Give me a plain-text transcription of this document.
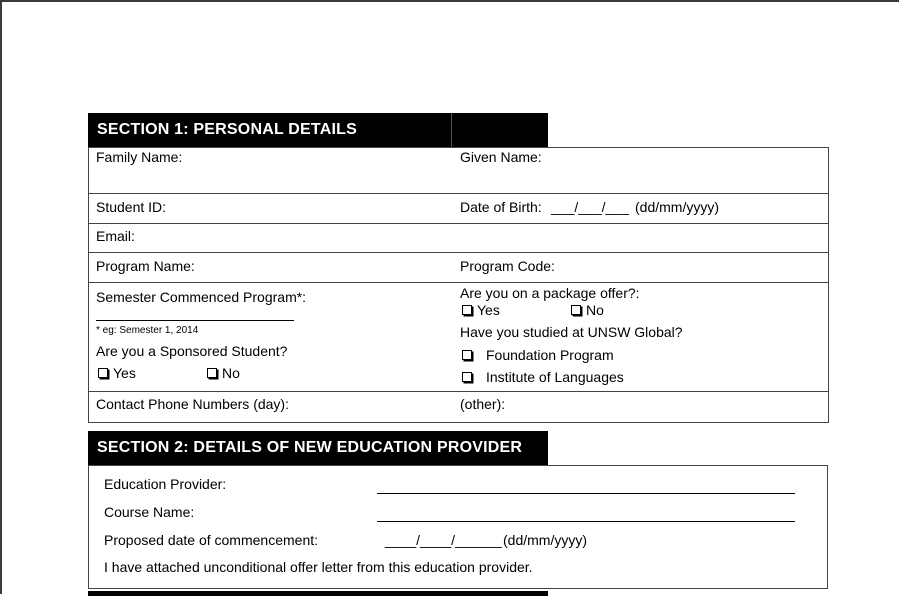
SECTION 1: PERSONAL DETAILS
Family Name:	Given Name:
Student ID:	Date of Birth: ___/___/___ (dd/mm/yyyy)
Email:
Program Name:	Program Code:
Semester Commenced Program*:
* eg: Semester 1, 2014
Are you a Sponsored Student?
Yes	No
Are you on a package offer?:
Yes	No
Have you studied at UNSW Global?
Foundation Program
Institute of Languages
Contact Phone Numbers (day):	(other):
SECTION 2: DETAILS OF NEW EDUCATION PROVIDER
Education Provider:
Course Name:
Proposed date of commencement:	____/____/______ (dd/mm/yyyy)
I have attached unconditional offer letter from this education provider.
